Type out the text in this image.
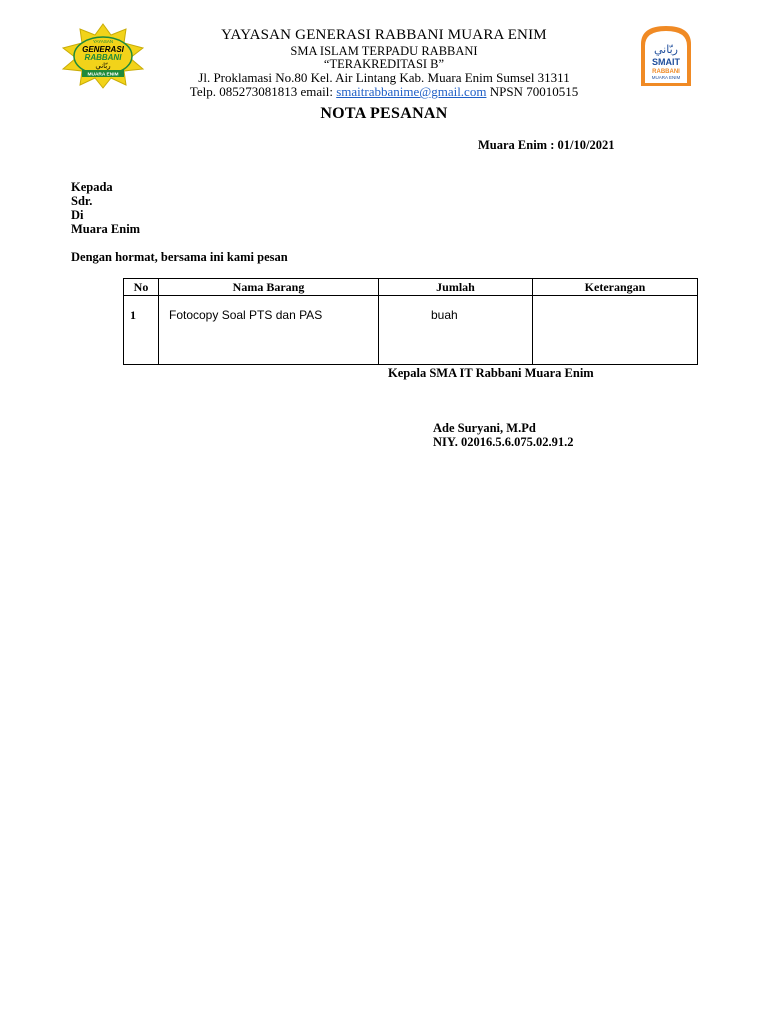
YAYASAN
GENERASI
RABBANI
ربّاني
MUARA ENIM
ربّاني
SMAIT
RABBANI
MUARA ENIM
YAYASAN GENERASI RABBANI MUARA ENIM
SMA ISLAM TERPADU RABBANI
“TERAKREDITASI B”
Jl. Proklamasi No.80 Kel. Air Lintang Kab. Muara Enim Sumsel 31311
Telp. 085273081813 email: smaitrabbanime@gmail.com NPSN 70010515
NOTA PESANAN
Muara Enim : 01/10/2021
Kepada
Sdr.
Di
Muara Enim
Dengan hormat, bersama ini kami pesan
No	Nama Barang	Jumlah	Keterangan
1	Fotocopy Soal PTS dan PAS	buah	
Kepala SMA IT Rabbani Muara Enim
Ade Suryani, M.Pd
NIY. 02016.5.6.075.02.91.2
